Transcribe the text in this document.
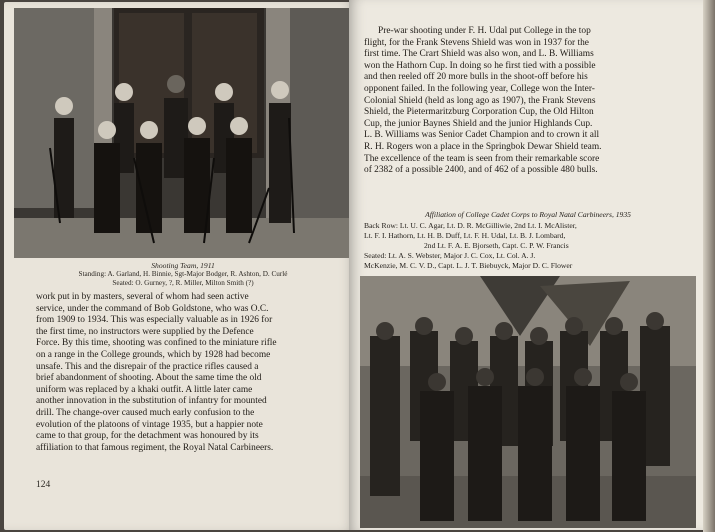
Shooting Team, 1911
Standing: A. Garland, H. Binnie, Sgt-Major Bodger, R. Ashton, D. Curlé
Seated: O. Gurney, ?, R. Miller, Milton Smith (?)
work put in by masters, several of whom had seen active
service, under the command of Bob Goldstone, who was O.C.
from 1909 to 1934. This was especially valuable as in 1926 for
the first time, no instructors were supplied by the Defence
Force. By this time, shooting was confined to the miniature rifle
on a range in the College grounds, which by 1928 had become
unsafe. This and the disrepair of the practice rifles caused a
brief abandonment of shooting. About the same time the old
uniform was replaced by a khaki outfit. A little later came
another innovation in the substitution of infantry for mounted
drill. The change-over caused much early confusion to the
evolution of the platoons of vintage 1935, but a happier note
came to that group, for the detachment was honoured by its
affiliation to that famous regiment, the Royal Natal Carbineers.
124
Pre-war shooting under F. H. Udal put College in the top
flight, for the Frank Stevens Shield was won in 1937 for the
first time. The Crart Shield was also won, and L. B. Williams
won the Hathorn Cup. In doing so he first tied with a possible
and then reeled off 20 more bulls in the shoot-off before his
opponent failed. In the following year, College won the Inter-
Colonial Shield (held as long ago as 1907), the Frank Stevens
Shield, the Pietermaritzburg Corporation Cup, the Old Hilton
Cup, the junior Baynes Shield and the junior Highlands Cup.
L. B. Williams was Senior Cadet Champion and to crown it all
R. H. Rogers won a place in the Springbok Dewar Shield team.
The excellence of the team is seen from their remarkable score
of 2382 of a possible 2400, and of 462 of a possible 480 bulls.
Affiliation of College Cadet Corps to Royal Natal Carbineers, 1935
Back Row: Lt. U. C. Agar, Lt. D. R. McGilliwie, 2nd Lt. I. McAlister,
Lt. F. I. Hathorn, Lt. H. B. Duff, Lt. F. H. Udal, Lt. B. J. Lombard,
2nd Lt. F. A. E. Bjorseth, Capt. C. P. W. Francis
Seated: Lt. A. S. Webster, Major J. C. Cox, Lt. Col. A. J.
McKenzie, M. C. V. D., Capt. L. J. T. Biebuyck, Major D. C. Flower
